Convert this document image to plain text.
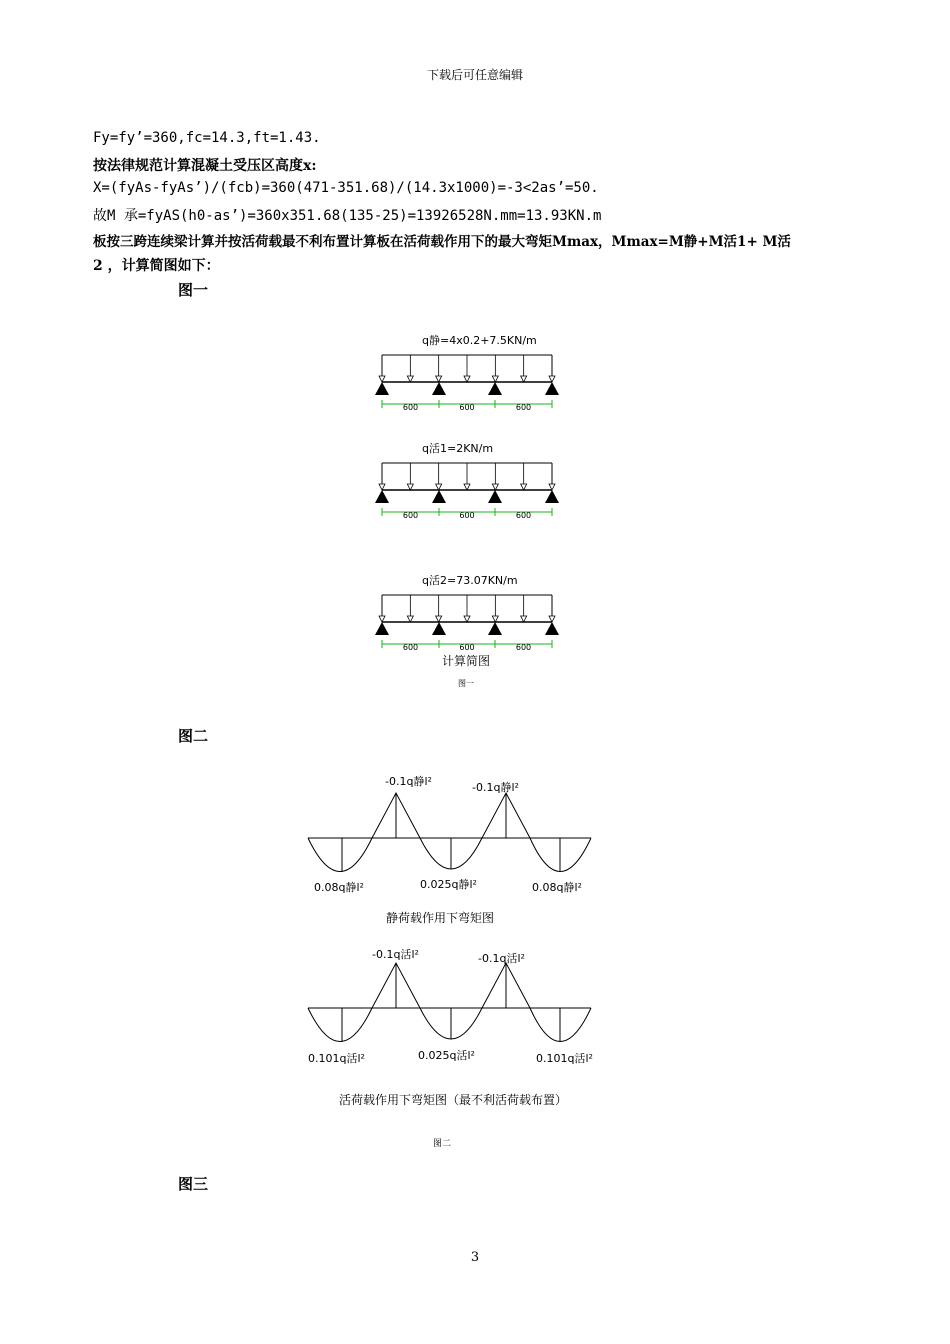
下载后可任意编辑
Fy=fy’=360,fc=14.3,ft=1.43.
按法律规范计算混凝土受压区高度x:
X=(fyAs-fyAs’)/(fcb)=360(471-351.68)/(14.3x1000)=-3<2as’=50.
故M 承=fyAS(h0-as’)=360x351.68(135-25)=13926528N.mm=13.93KN.m
板按三跨连续梁计算并按活荷载最不利布置计算板在活荷载作用下的最大弯矩Mmax，Mmax=M静+M活1+ M活
2 ，计算简图如下：
图一
q静=4x0.2+7.5KN/m
600	600	600
q活1=2KN/m
600	600	600
q活2=73.07KN/m
600	600	600
计算简图
图一
图二
-0.1q静l²	-0.1q静l²
0.08q静l²	0.025q静l²	0.08q静l²
静荷载作用下弯矩图
-0.1q活l²	-0.1q活l²
0.101q活l²	0.025q活l²	0.101q活l²
活荷载作用下弯矩图（最不利活荷载布置）
图二
图三
3
